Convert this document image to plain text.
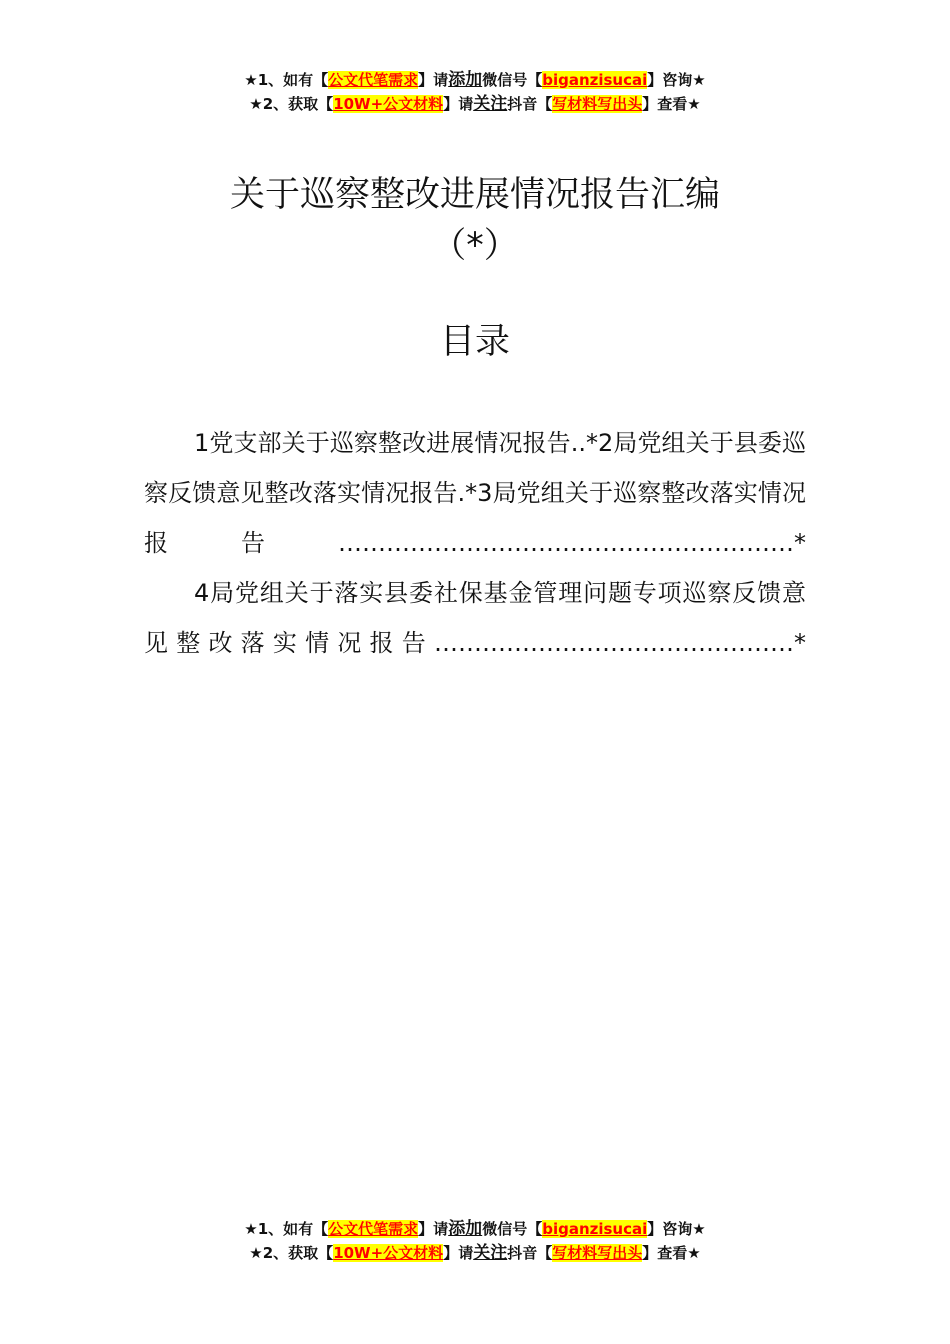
★1、如有【公文代笔需求】请添加微信号【biganzisucai】咨询★
★2、获取【10W+公文材料】请关注抖音【写材料写出头】查看★
关于巡察整改进展情况报告汇编
（*）
目录

1党支部关于巡察整改进展情况报告..*2局党组关于县委巡察反馈意见整改落实情况报告.*3局党组关于巡察整改落实情况报告…………………………………………………*

4局党组关于落实县委社保基金管理问题专项巡察反馈意见整改落实情况报告………………………………………*

★1、如有【公文代笔需求】请添加微信号【biganzisucai】咨询★
★2、获取【10W+公文材料】请关注抖音【写材料写出头】查看★
